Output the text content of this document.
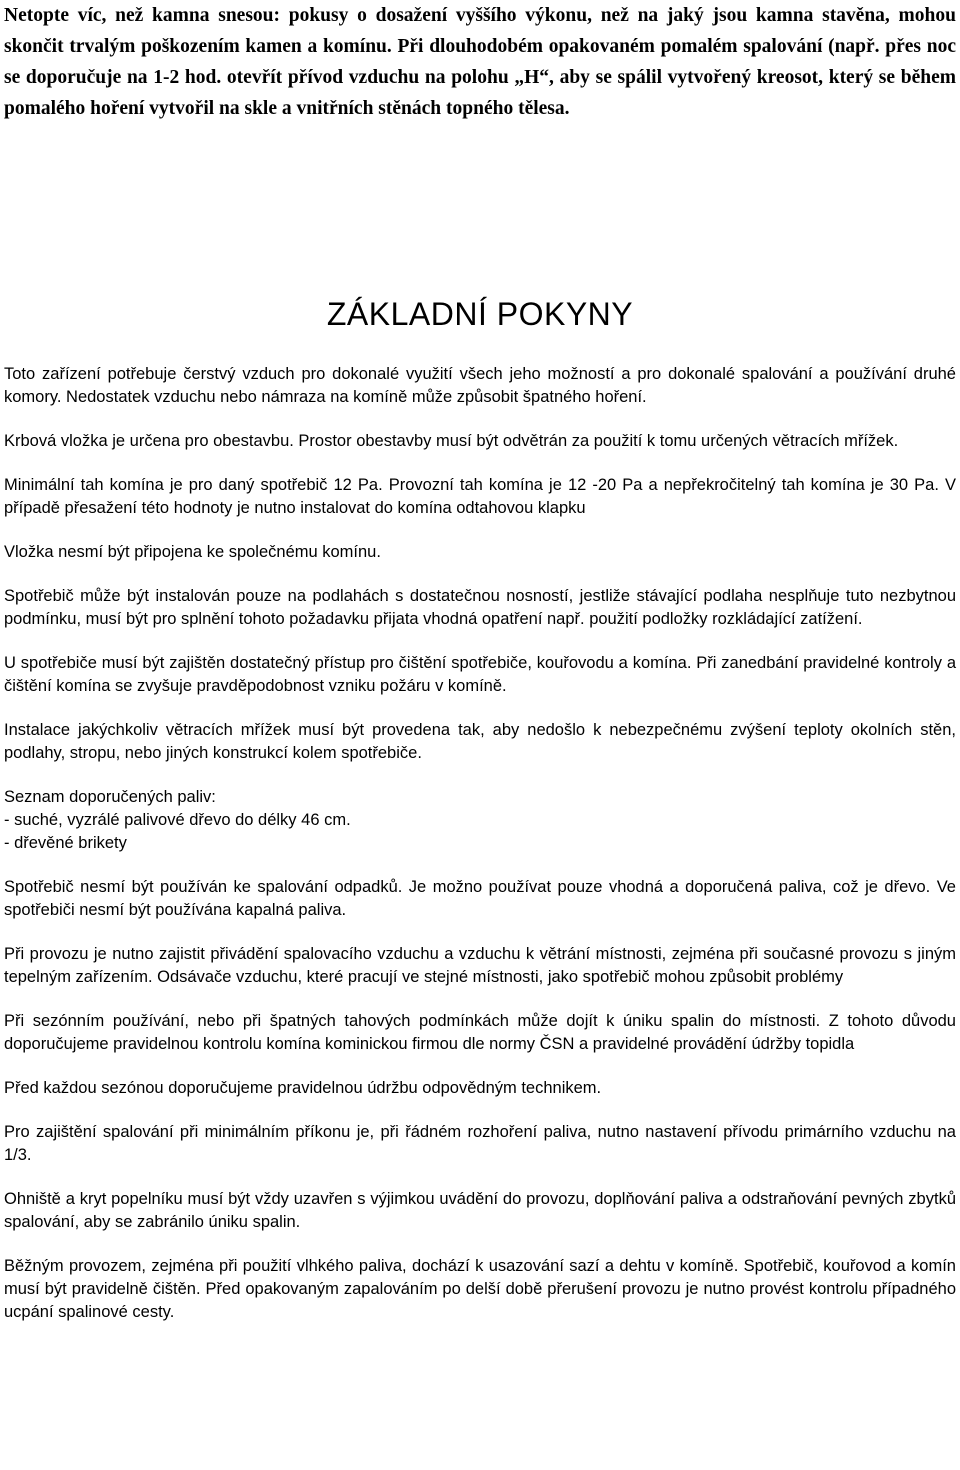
Netopte víc, než kamna snesou: pokusy o dosažení vyššího výkonu, než na jaký jsou kamna stavěna, mohou skončit trvalým poškozením kamen a komínu. Při dlouhodobém opakovaném pomalém spalování (např. přes noc se doporučuje na 1-2 hod. otevřít přívod vzduchu na polohu „H“, aby se spálil vytvořený kreosot, který se během pomalého hoření vytvořil na skle a vnitřních stěnách topného tělesa.

ZÁKLADNÍ POKYNY

Toto zařízení potřebuje čerstvý vzduch pro dokonalé využití všech jeho možností a pro dokonalé spalování a používání druhé komory. Nedostatek vzduchu nebo námraza na komíně může způsobit špatného hoření.

Krbová vložka je určena pro obestavbu. Prostor obestavby musí být odvětrán za použití k tomu určených větracích mřížek.

Minimální tah komína je pro daný spotřebič 12 Pa. Provozní tah komína je 12 -20 Pa a nepřekročitelný tah komína je 30 Pa. V případě přesažení této hodnoty je nutno instalovat do komína odtahovou klapku

Vložka nesmí být připojena ke společnému komínu.

Spotřebič může být instalován pouze na podlahách s dostatečnou nosností, jestliže stávající podlaha nesplňuje tuto nezbytnou podmínku, musí být pro splnění tohoto požadavku přijata vhodná opatření např. použití podložky rozkládající zatížení.

U spotřebiče musí být zajištěn dostatečný přístup pro čištění spotřebiče, kouřovodu a komína. Při zanedbání pravidelné kontroly a čištění komína se zvyšuje pravděpodobnost vzniku požáru v komíně.

Instalace jakýchkoliv větracích mřížek musí být provedena tak, aby nedošlo k nebezpečnému zvýšení teploty okolních stěn, podlahy, stropu, nebo jiných konstrukcí kolem spotřebiče.

Seznam doporučených paliv:

- suché, vyzrálé palivové dřevo do délky 46 cm.

- dřevěné brikety

Spotřebič nesmí být používán ke spalování odpadků. Je možno používat pouze vhodná a doporučená paliva, což je dřevo. Ve spotřebiči nesmí být používána kapalná paliva.

Při provozu je nutno zajistit přivádění spalovacího vzduchu a vzduchu k větrání místnosti, zejména při současné provozu s jiným tepelným zařízením. Odsávače vzduchu, které pracují ve stejné místnosti, jako spotřebič mohou způsobit problémy

Při sezónním používání, nebo při špatných tahových podmínkách může dojít k úniku spalin do místnosti. Z tohoto důvodu doporučujeme pravidelnou kontrolu komína kominickou firmou dle normy ČSN a pravidelné provádění údržby topidla

Před každou sezónou doporučujeme pravidelnou údržbu odpovědným technikem.

Pro zajištění spalování při minimálním příkonu je, při řádném rozhoření paliva, nutno nastavení přívodu primárního vzduchu na 1/3.

Ohniště a kryt popelníku musí být vždy uzavřen s výjimkou uvádění do provozu, doplňování paliva a odstraňování pevných zbytků spalování, aby se zabránilo úniku spalin.

Běžným provozem, zejména při použití vlhkého paliva, dochází k usazování sazí a dehtu v komíně. Spotřebič, kouřovod a komín musí být pravidelně čištěn. Před opakovaným zapalováním po delší době přerušení provozu je nutno provést kontrolu případného ucpání spalinové cesty.
